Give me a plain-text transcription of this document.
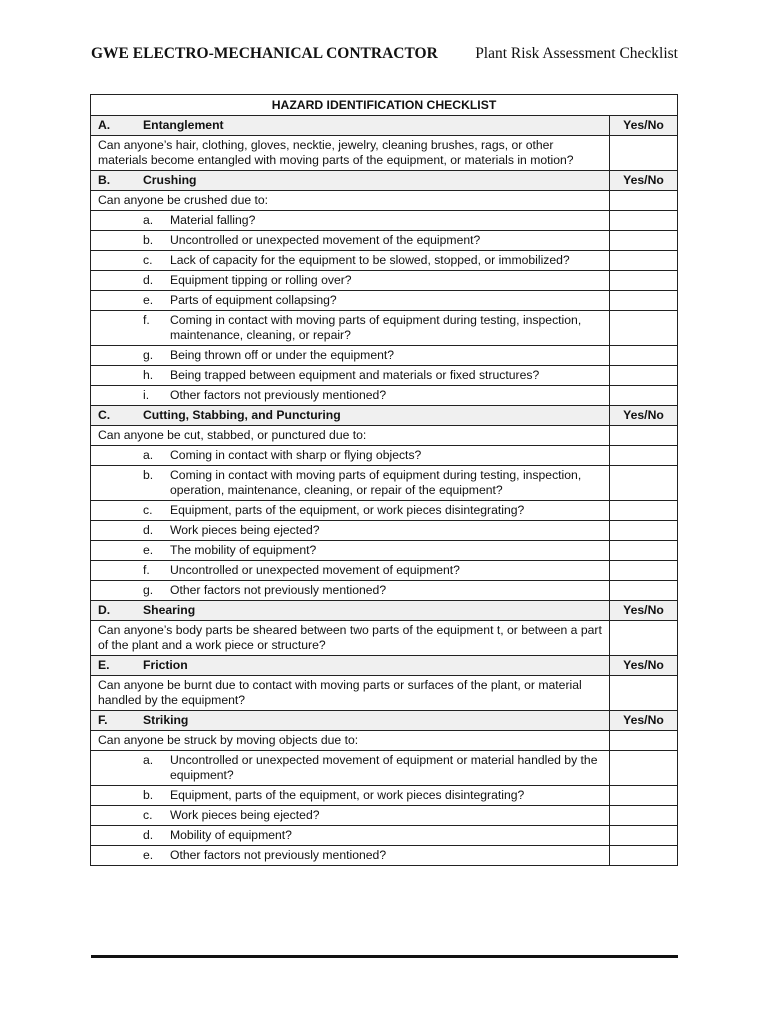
GWE ELECTRO-MECHANICAL CONTRACTOR Plant Risk Assessment Checklist
HAZARD IDENTIFICATION CHECKLIST	
A. Entanglement	Yes/No
Can anyone’s hair, clothing, gloves, necktie, jewelry, cleaning brushes, rags, or other materials become entangled with moving parts of the equipment, or materials in motion?	
B. Crushing	Yes/No
Can anyone be crushed due to:	

a. Material falling?	

b. Uncontrolled or unexpected movement of the equipment?	

c. Lack of capacity for the equipment to be slowed, stopped, or immobilized?	

d. Equipment tipping or rolling over?	

e. Parts of equipment collapsing?	

f. Coming in contact with moving parts of equipment during testing, inspection, maintenance, cleaning, or repair?	

g. Being thrown off or under the equipment?	

h. Being trapped between equipment and materials or fixed structures?	

i. Other factors not previously mentioned?	

C. Cutting, Stabbing, and Puncturing	Yes/No
Can anyone be cut, stabbed, or punctured due to:	

a. Coming in contact with sharp or flying objects?	

b. Coming in contact with moving parts of equipment during testing, inspection, operation, maintenance, cleaning, or repair of the equipment?	

c. Equipment, parts of the equipment, or work pieces disintegrating?	

d. Work pieces being ejected?	

e. The mobility of equipment?	

f. Uncontrolled or unexpected movement of equipment?	

g. Other factors not previously mentioned?	

D. Shearing	Yes/No
Can anyone’s body parts be sheared between two parts of the equipment t, or between a part of the plant and a work piece or structure?	
E. Friction	Yes/No
Can anyone be burnt due to contact with moving parts or surfaces of the plant, or material handled by the equipment?	
F. Striking	Yes/No
Can anyone be struck by moving objects due to:	

a. Uncontrolled or unexpected movement of equipment or material handled by the equipment?	

b. Equipment, parts of the equipment, or work pieces disintegrating?	

c. Work pieces being ejected?	

d. Mobility of equipment?	

e. Other factors not previously mentioned?	
